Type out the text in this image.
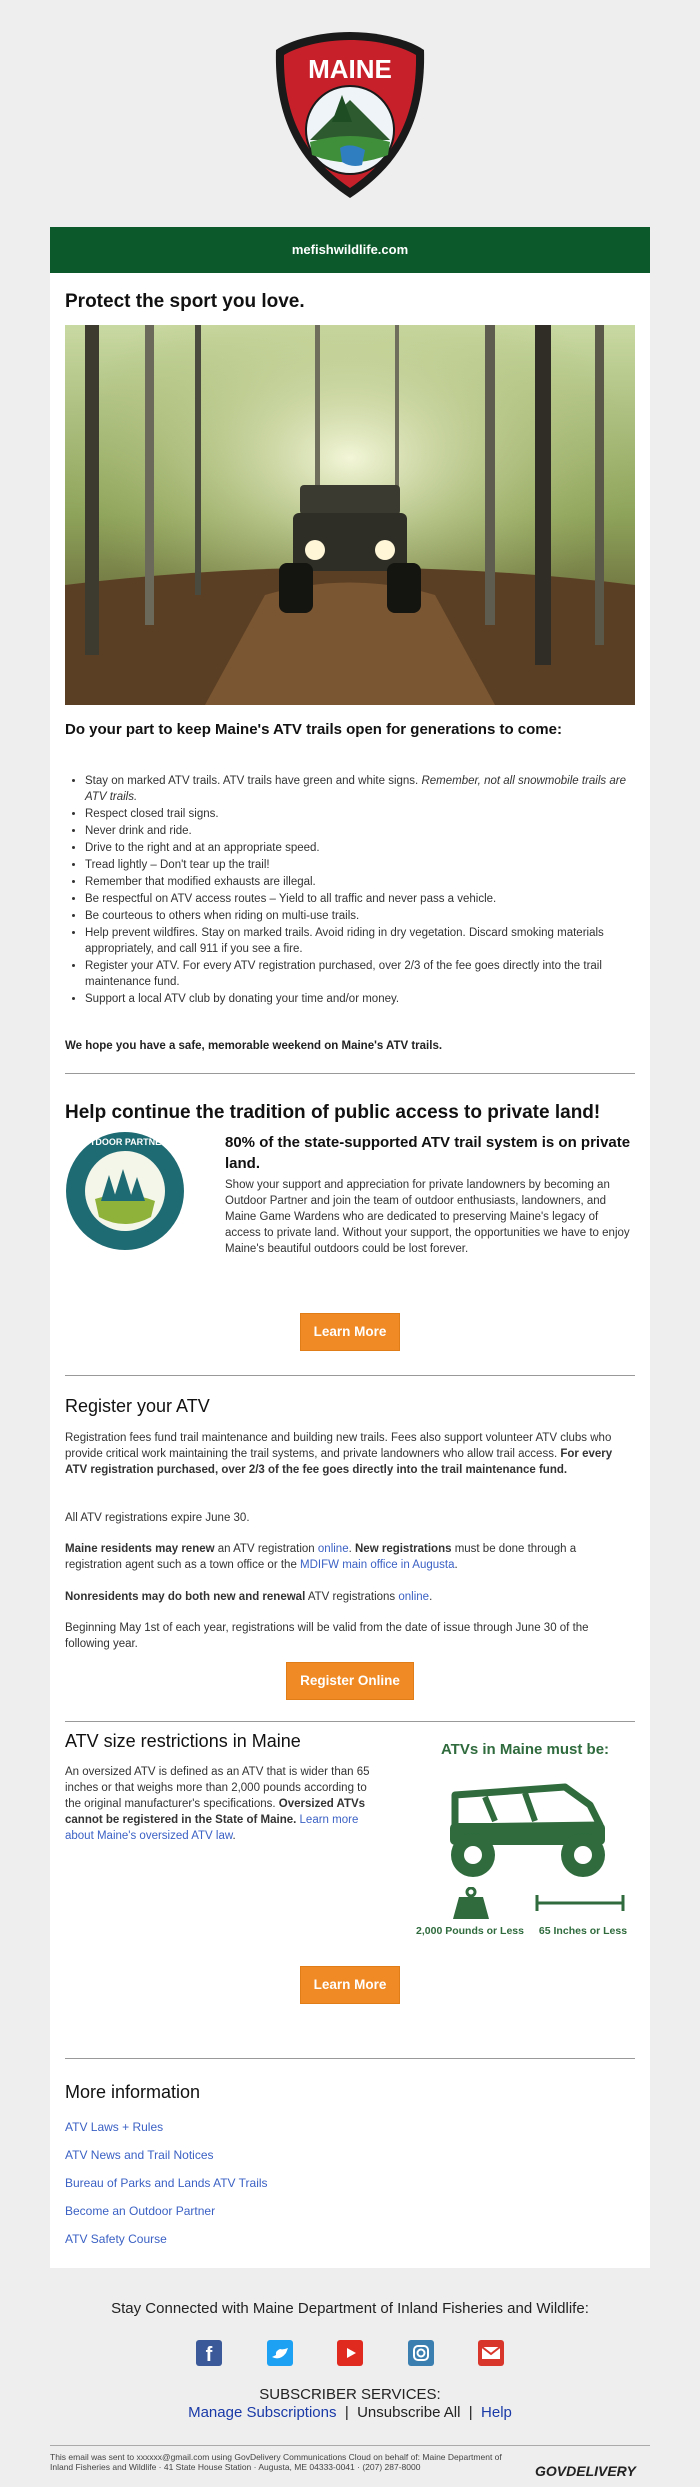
MAINE
mefishwildlife.com
Protect the sport you love.
Do your part to keep Maine's ATV trails open for generations to come:
• Stay on marked ATV trails. ATV trails have green and white signs. Remember, not all snowmobile trails are ATV trails.
• Respect closed trail signs.
• Never drink and ride.
• Drive to the right and at an appropriate speed.
• Tread lightly – Don't tear up the trail!
• Remember that modified exhausts are illegal.
• Be respectful on ATV access routes – Yield to all traffic and never pass a vehicle.
• Be courteous to others when riding on multi-use trails.
• Help prevent wildfires. Stay on marked trails. Avoid riding in dry vegetation. Discard smoking materials appropriately, and call 911 if you see a fire.
• Register your ATV. For every ATV registration purchased, over 2/3 of the fee goes directly into the trail maintenance fund.
• Support a local ATV club by donating your time and/or money.

We hope you have a safe, memorable weekend on Maine's ATV trails.

Help continue the tradition of public access to private land!
OUTDOOR PARTNERS	80% of the state-supported ATV trail system is on private land.

Show your support and appreciation for private landowners by becoming an Outdoor Partner and join the team of outdoor enthusiasts, landowners, and Maine Game Wardens who are dedicated to preserving Maine's legacy of access to private land. Without your support, the opportunities we have to enjoy Maine's beautiful outdoors could be lost forever.

Learn More
Register your ATV

Registration fees fund trail maintenance and building new trails. Fees also support volunteer ATV clubs who provide critical work maintaining the trail systems, and private landowners who allow trail access. For every ATV registration purchased, over 2/3 of the fee goes directly into the trail maintenance fund.

All ATV registrations expire June 30.

Maine residents may renew an ATV registration online. New registrations must be done through a registration agent such as a town office or the MDIFW main office in Augusta.

Nonresidents may do both new and renewal ATV registrations online.

Beginning May 1st of each year, registrations will be valid from the date of issue through June 30 of the following year.

Register Online
ATV size restrictions in Maine

An oversized ATV is defined as an ATV that is wider than 65 inches or that weighs more than 2,000 pounds according to the original manufacturer's specifications. Oversized ATVs cannot be registered in the State of Maine. Learn more about Maine's oversized ATV law.

ATVs in Maine must be:
2,000 Pounds or Less	65 Inches or Less
Learn More
More information
ATV Laws + Rules
ATV News and Trail Notices
Bureau of Parks and Lands ATV Trails
Become an Outdoor Partner
ATV Safety Course
Stay Connected with Maine Department of Inland Fisheries and Wildlife:
f
SUBSCRIBER SERVICES:
Manage Subscriptions  |  Unsubscribe All  |  Help
This email was sent to xxxxxx@gmail.com using GovDelivery Communications Cloud on behalf of: Maine Department of Inland Fisheries and Wildlife · 41 State House Station · Augusta, ME 04333-0041 · (207) 287-8000	GOVDELIVERY
